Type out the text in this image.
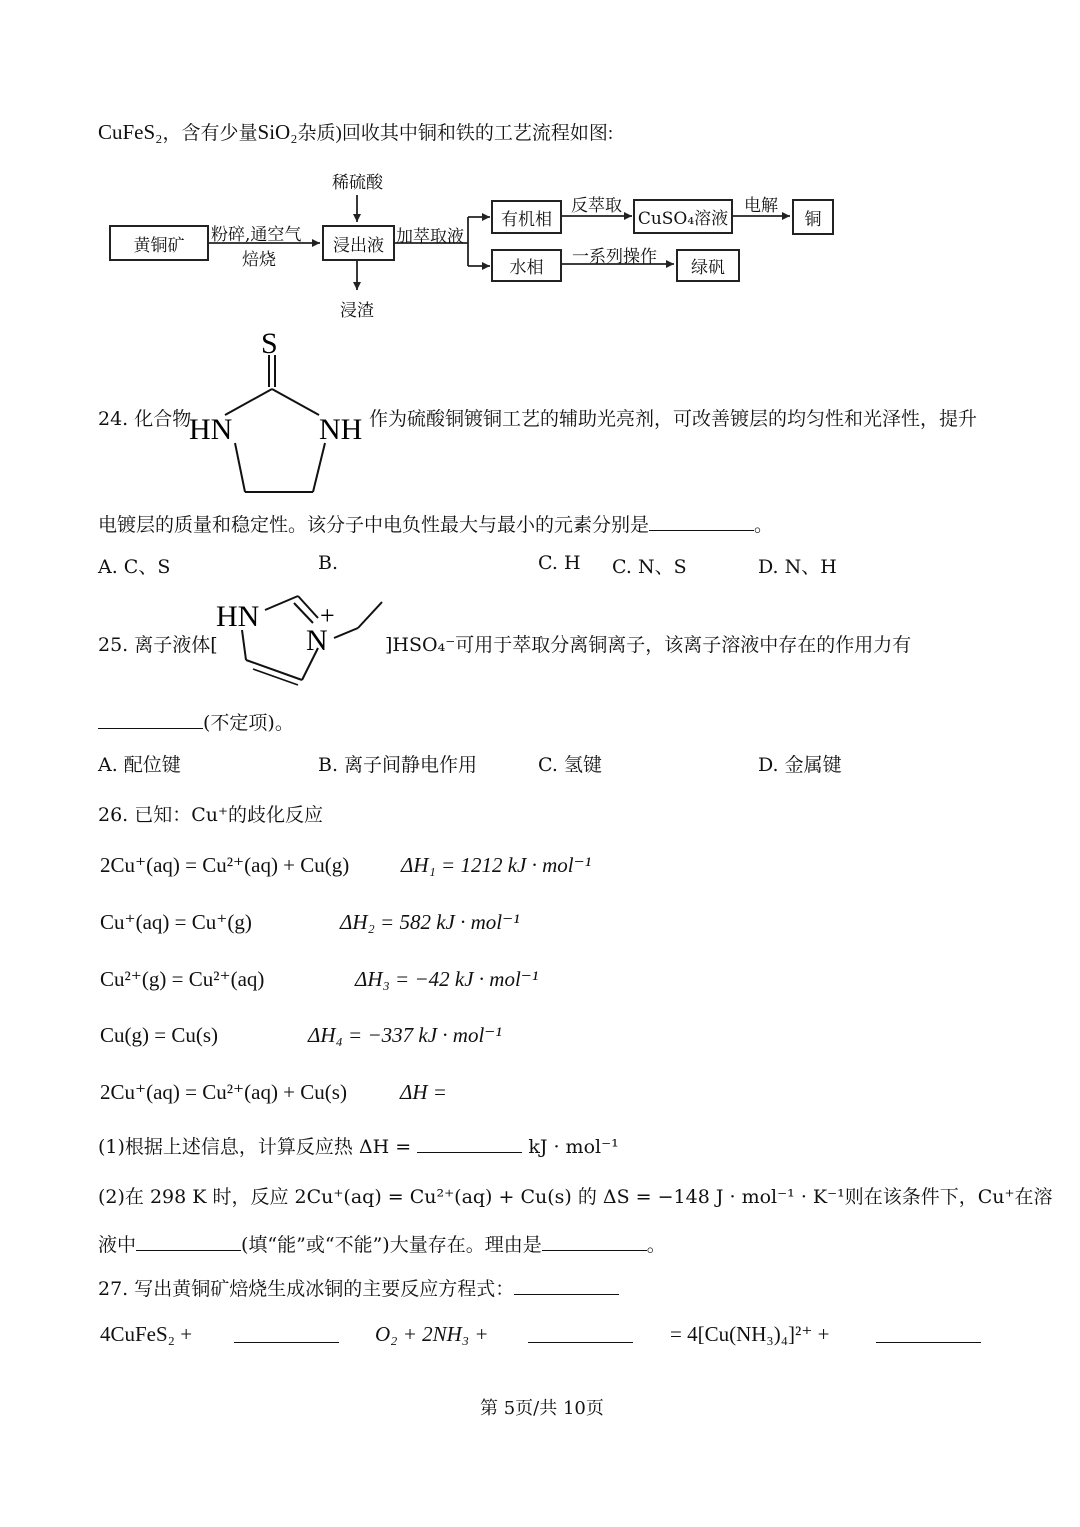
CuFeS₂，含有少量SiO₂杂质)回收其中铜和铁的工艺流程如图:
黄铜矿
粉碎,通空气
焙烧
稀硫酸
浸出液 加萃取液
浸渣
有机相
反萃取
CuSO₄溶液
电解
铜
水相
一系列操作
绿矾
24. 化合物
S
HN	NH 作为硫酸铜镀铜工艺的辅助光亮剂，可改善镀层的均匀性和光泽性，提升
电镀层的质量和稳定性。该分子中电负性最大与最小的元素分别是	。
A. C、S	B.	C. H C. N、S	D. N、H
25. 离子液体[
HN
N
+
]HSO₄⁻可用于萃取分离铜离子，该离子溶液中存在的作用力有
(不定项)。
A. 配位键	B. 离子间静电作用	C. 氢键	D. 金属键
26. 已知：Cu⁺的歧化反应
2Cu⁺(aq) = Cu²⁺(aq) + Cu(g) ΔH₁ = 1212 kJ · mol⁻¹
Cu⁺(aq) = Cu⁺(g)	ΔH₂ = 582 kJ · mol⁻¹
Cu²⁺(g) = Cu²⁺(aq)	ΔH₃ = −42 kJ · mol⁻¹
Cu(g) = Cu(s)	ΔH₄ = −337 kJ · mol⁻¹
2Cu⁺(aq) = Cu²⁺(aq) + Cu(s)	ΔH =
(1)根据上述信息，计算反应热 ΔH =	kJ · mol⁻¹
(2)在 298 K 时，反应 2Cu⁺(aq) = Cu²⁺(aq) + Cu(s) 的 ΔS = −148 J · mol⁻¹ · K⁻¹则在该条件下，Cu⁺在溶
液中	(填“能”或“不能”)大量存在。理由是	。
27. 写出黄铜矿焙烧生成冰铜的主要反应方程式：
4CuFeS₂ +	O₂ + 2NH₃ +	= 4[Cu(NH₃)₄]²⁺ +
第 5页/共 10页
